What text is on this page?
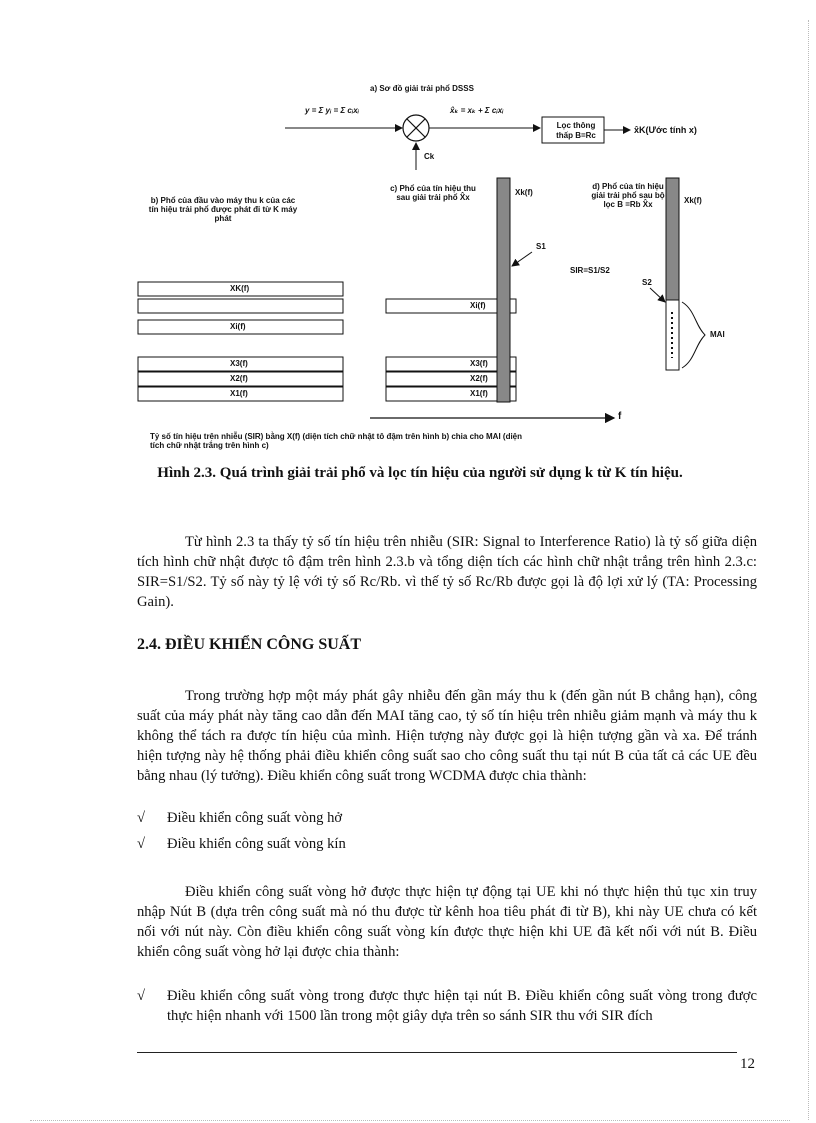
a) Sơ đồ giải trải phổ DSSS
y = Σ yᵢ = Σ cᵢxᵢ	x̂ₖ = xₖ + Σ cᵢxᵢ
Ck
Lọc thông
thấp B=Rc
x̂K(Ước tính x)
b) Phổ của đầu vào máy thu k của các tín hiệu trải phổ được phát đi từ K máy phát
c) Phổ của tín hiệu thu sau giải trải phổ X̂x
d) Phổ của tín hiệu giải trải phổ sau bộ lọc B =Rb X̂x
Xk(f)
Xk(f)
S1
SIR=S1/S2
S2
MAI
XK(f)
Xi(f)
X3(f)
X2(f)
X1(f)
Xi(f)
X3(f)
X2(f)
X1(f)
f
Tỷ số tín hiệu trên nhiễu (SIR) bằng X(f) (diện tích chữ nhật tô đậm trên hình b) chia cho MAI (diện tích chữ nhật trắng trên hình c)
Hình 2.3. Quá trình giải trải phổ và lọc tín hiệu của người sử dụng k từ K tín hiệu.
Từ hình 2.3 ta thấy tỷ số tín hiệu trên nhiễu (SIR: Signal to Interference Ratio) là tỷ số giữa diện tích hình chữ nhật được tô đậm trên hình 2.3.b và tổng diện tích các hình chữ nhật trắng trên hình 2.3.c: SIR=S1/S2. Tỷ số này tỷ lệ với tỷ số Rc/Rb. vì thế tỷ số Rc/Rb được gọi là độ lợi xử lý (TA: Processing Gain).
2.4. ĐIỀU KHIỂN CÔNG SUẤT
Trong trường hợp một máy phát gây nhiễu đến gần máy thu k (đến gần nút B chẳng hạn), công suất của máy phát này tăng cao dẫn đến MAI tăng cao, tỷ số tín hiệu trên nhiễu giảm mạnh và máy thu k không thể tách ra được tín hiệu của mình. Hiện tượng này được gọi là hiện tượng gần và xa. Để tránh hiện tượng này hệ thống phải điều khiển công suất sao cho công suất thu tại nút B của tất cả các UE đều bằng nhau (lý tưởng). Điều khiển công suất trong WCDMA được chia thành:
√ Điều khiển công suất vòng hở
√ Điều khiển công suất vòng kín
Điều khiển công suất vòng hở được thực hiện tự động tại UE khi nó thực hiện thủ tục xin truy nhập Nút B (dựa trên công suất mà nó thu được từ kênh hoa tiêu phát đi từ B), khi này UE chưa có kết nối với nút này. Còn điều khiển công suất vòng kín được thực hiện khi UE đã kết nối với nút B. Điều khiển công suất vòng hở lại được chia thành:
√ Điều khiển công suất vòng trong được thực hiện tại nút B. Điều khiển công suất vòng trong được thực hiện nhanh với 1500 lần trong một giây dựa trên so sánh SIR thu với SIR đích
12
